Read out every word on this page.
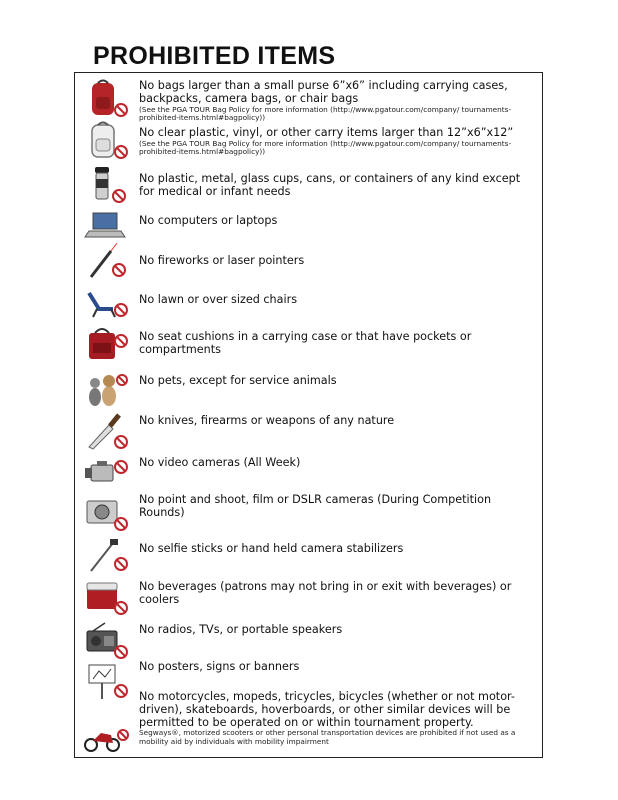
PROHIBITED ITEMS
No bags larger than a small purse 6”x6” including carrying cases, backpacks, camera bags, or chair bags
(See the PGA TOUR Bag Policy for more information (http://www.pgatour.com/company/ tournaments-prohibited-items.html#bagpolicy))
No clear plastic, vinyl, or other carry items larger than 12”x6”x12”
(See the PGA TOUR Bag Policy for more information (http://www.pgatour.com/company/ tournaments-prohibited-items.html#bagpolicy))
No plastic, metal, glass cups, cans, or containers of any kind except for medical or infant needs
No computers or laptops
No fireworks or laser pointers
No lawn or over sized chairs
No seat cushions in a carrying case or that have pockets or compartments
No pets, except for service animals
No knives, firearms or weapons of any nature
No video cameras (All Week)
No point and shoot, film or DSLR cameras (During Competition Rounds)
No selfie sticks or hand held camera stabilizers
No beverages (patrons may not bring in or exit with beverages) or coolers
No radios, TVs, or portable speakers
No posters, signs or banners
No motorcycles, mopeds, tricycles, bicycles (whether or not motor-driven), skateboards, hoverboards, or other similar devices will be permitted to be operated on or within tournament property.
Segways®, motorized scooters or other personal transportation devices are prohibited if not used as a mobility aid by individuals with mobility impairment
